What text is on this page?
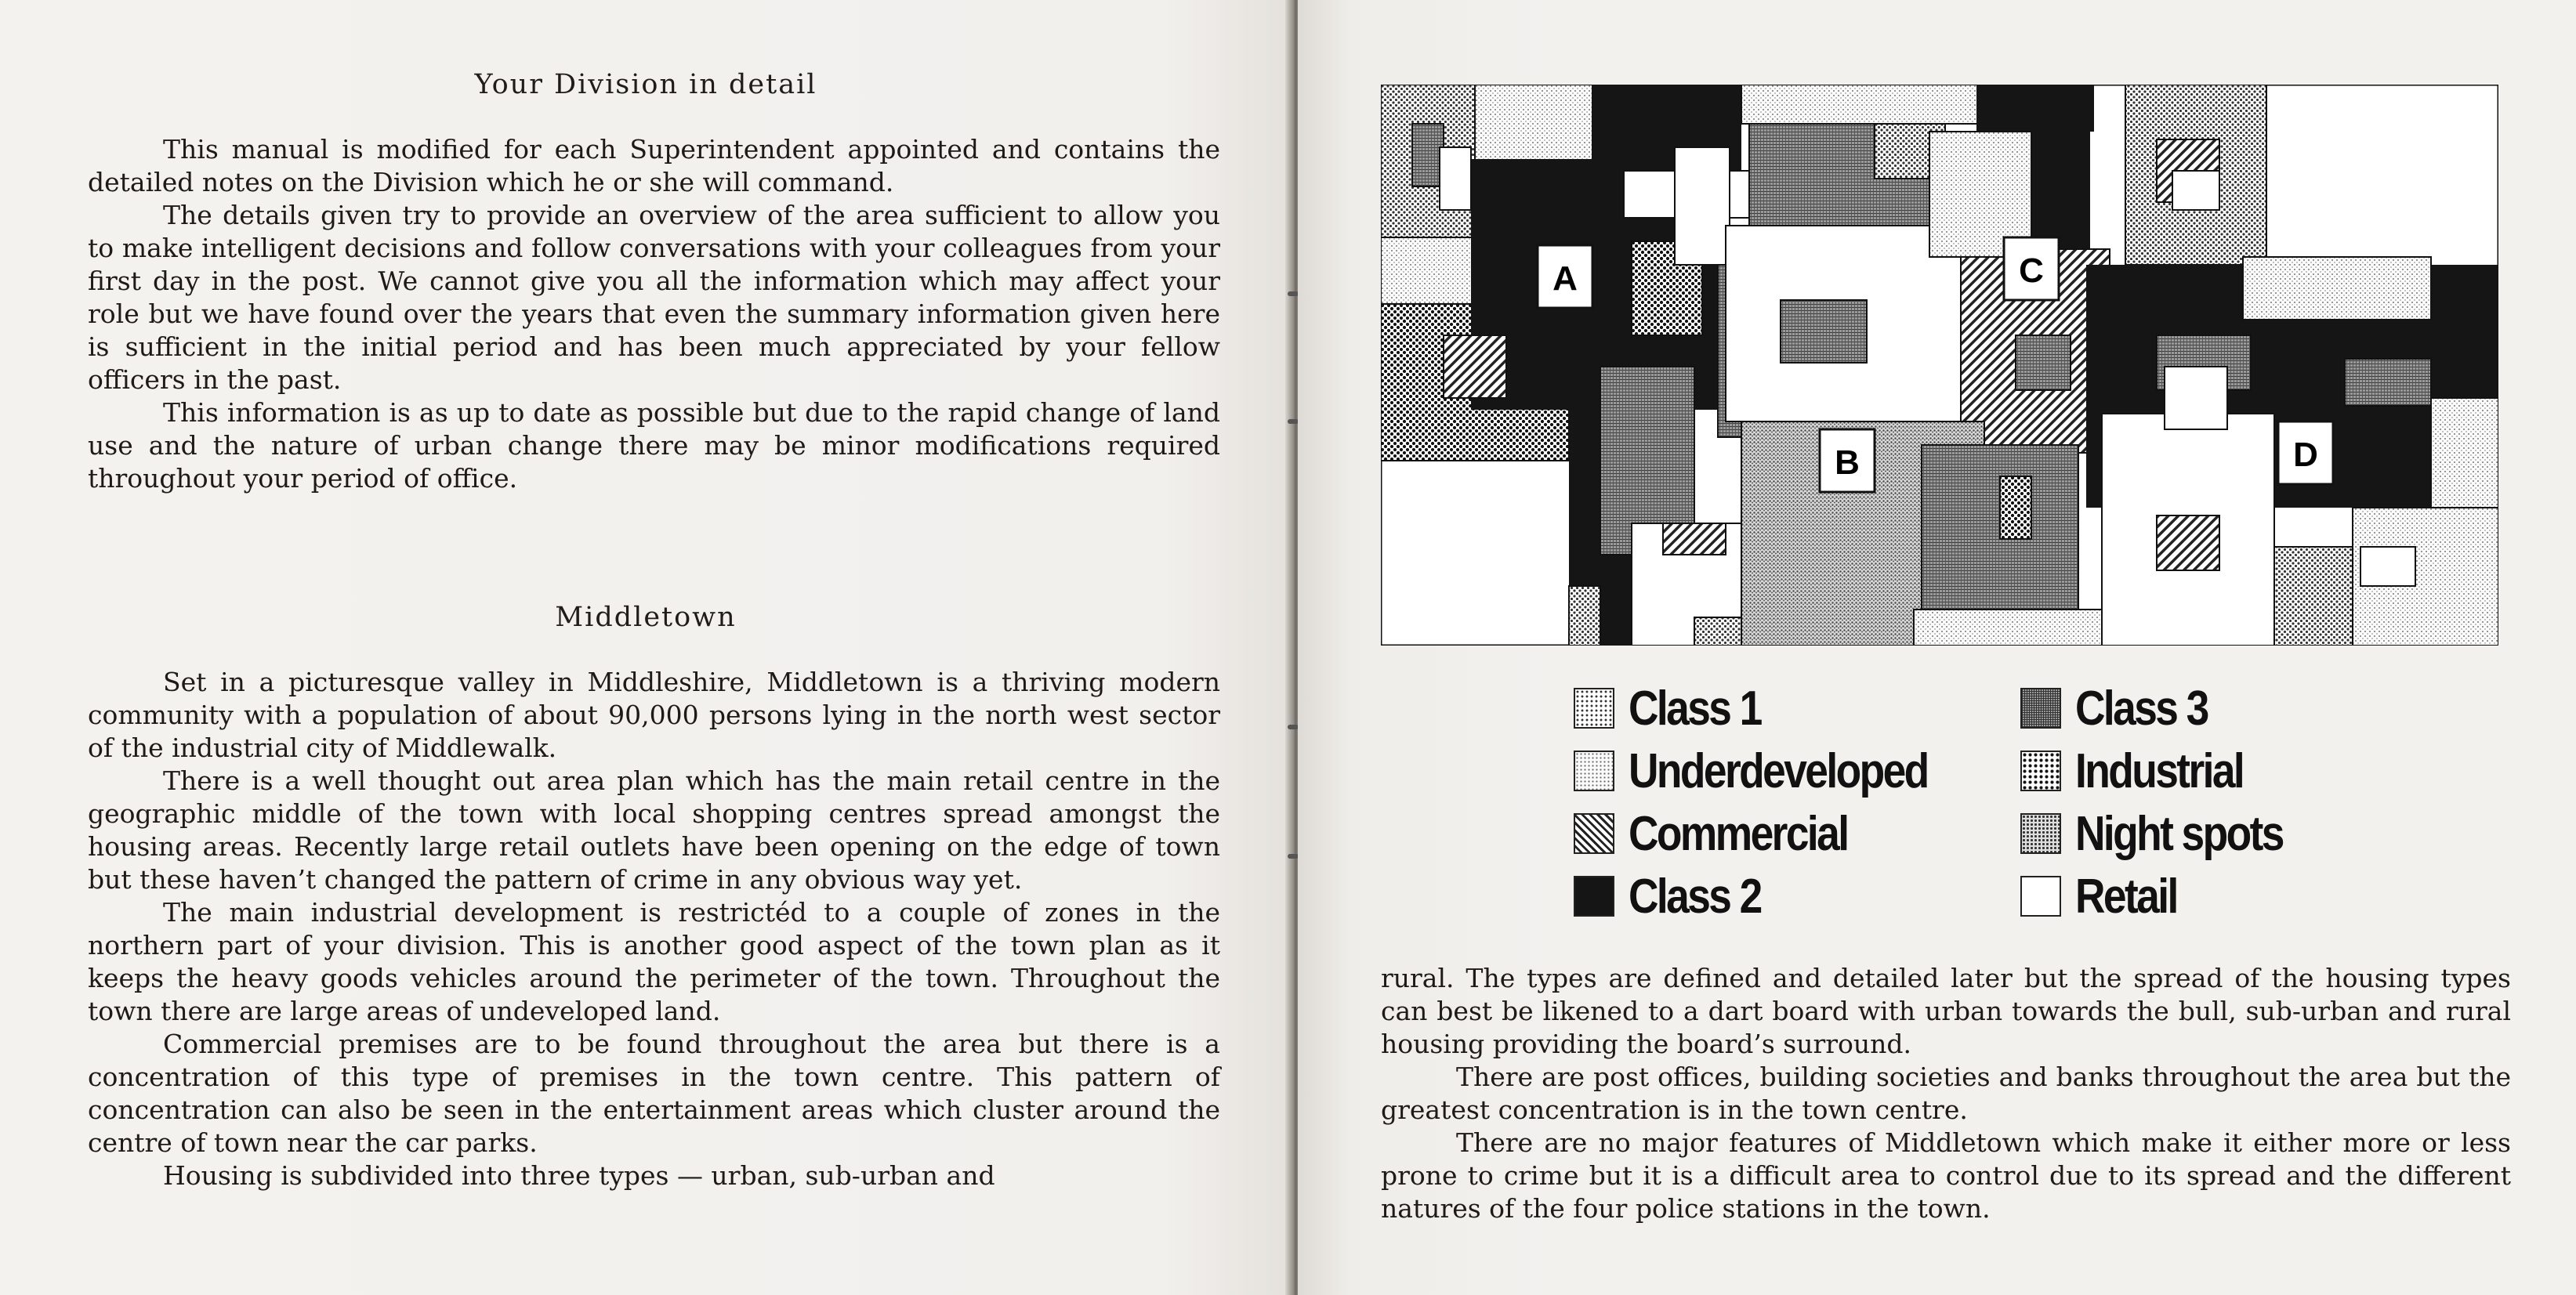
Your Division in detail

This manual is modified for each Superintendent appointed and contains the detailed notes on the Division which he or she will command.

The details given try to provide an overview of the area sufficient to allow you to make intelligent decisions and follow conversations with your colleagues from your first day in the post. We cannot give you all the information which may affect your role but we have found over the years that even the summary information given here is sufficient in the initial period and has been much appreciated by your fellow officers in the past.

This information is as up to date as possible but due to the rapid change of land use and the nature of urban change there may be minor modifications required throughout your period of office.

Middletown

Set in a picturesque valley in Middleshire, Middletown is a thriving modern community with a population of about 90,000 persons lying in the north west sector of the industrial city of Middlewalk.

There is a well thought out area plan which has the main retail centre in the geographic middle of the town with local shopping centres spread amongst the housing areas. Recently large retail outlets have been opening on the edge of town but these haven’t changed the pattern of crime in any obvious way yet.

The main industrial development is restrictéd to a couple of zones in the northern part of your division. This is another good aspect of the town plan as it keeps the heavy goods vehicles around the perimeter of the town. Throughout the town there are large areas of undeveloped land.

Commercial premises are to be found throughout the area but there is a concentration of this type of premises in the town centre. This pattern of concentration can also be seen in the entertainment areas which cluster around the centre of town near the car parks.

Housing is subdivided into three types — urban, sub-urban and

A
B
C
D
Class 1
Underdeveloped
Commercial
Class 2
Class 3
Industrial
Night spots
Retail

rural. The types are defined and detailed later but the spread of the housing types can best be likened to a dart board with urban towards the bull, sub-urban and rural housing providing the board’s surround.

There are post offices, building societies and banks throughout the area but the greatest concentration is in the town centre.

There are no major features of Middletown which make it either more or less prone to crime but it is a difficult area to control due to its spread and the different natures of the four police stations in the town.
